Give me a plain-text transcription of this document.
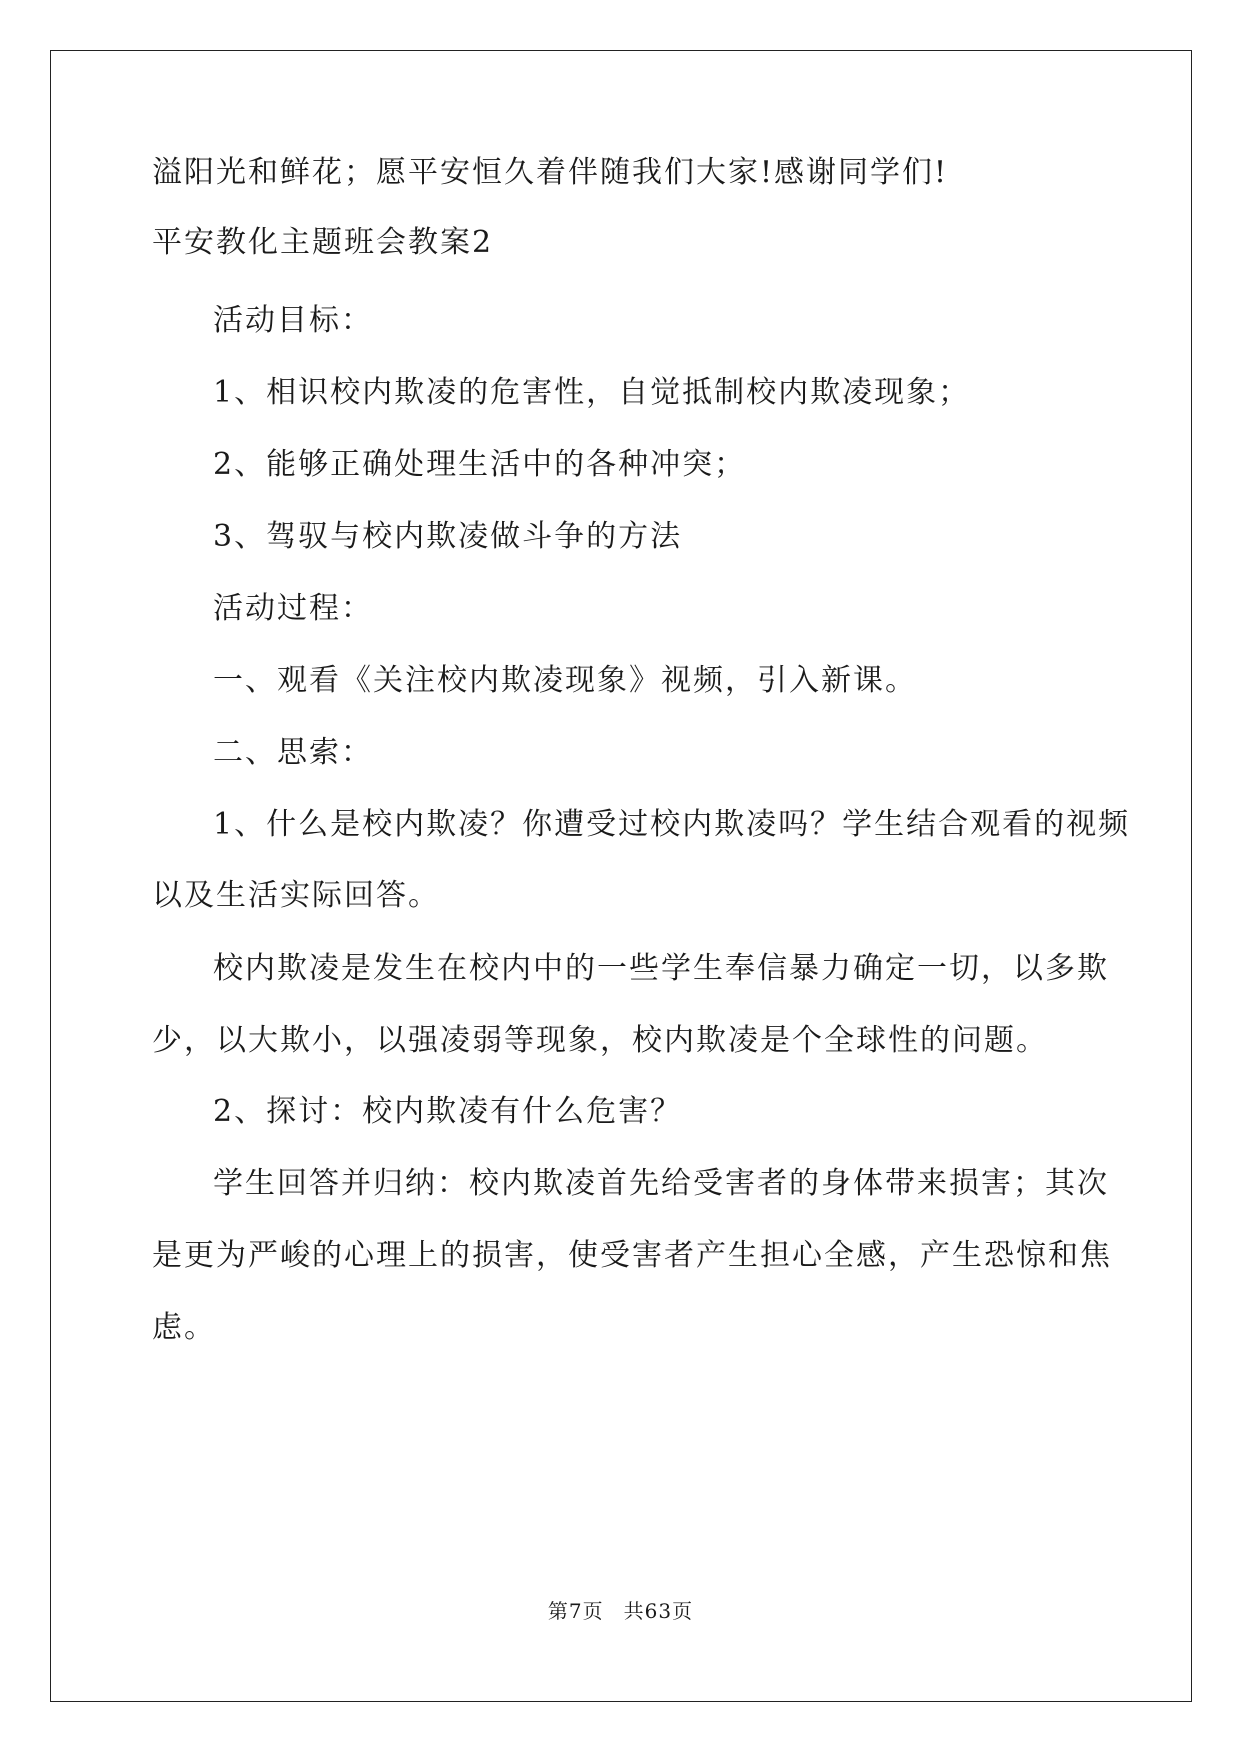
溢阳光和鲜花；愿平安恒久着伴随我们大家!感谢同学们!
平安教化主题班会教案2
活动目标：
1、相识校内欺凌的危害性，自觉抵制校内欺凌现象；
2、能够正确处理生活中的各种冲突；
3、驾驭与校内欺凌做斗争的方法
活动过程：
一、观看《关注校内欺凌现象》视频，引入新课。
二、思索：
1、什么是校内欺凌？你遭受过校内欺凌吗？学生结合观看的视频
以及生活实际回答。
校内欺凌是发生在校内中的一些学生奉信暴力确定一切，以多欺
少，以大欺小，以强凌弱等现象，校内欺凌是个全球性的问题。
2、探讨：校内欺凌有什么危害？
学生回答并归纳：校内欺凌首先给受害者的身体带来损害；其次
是更为严峻的心理上的损害，使受害者产生担心全感，产生恐惊和焦
虑。
第7页 共63页
